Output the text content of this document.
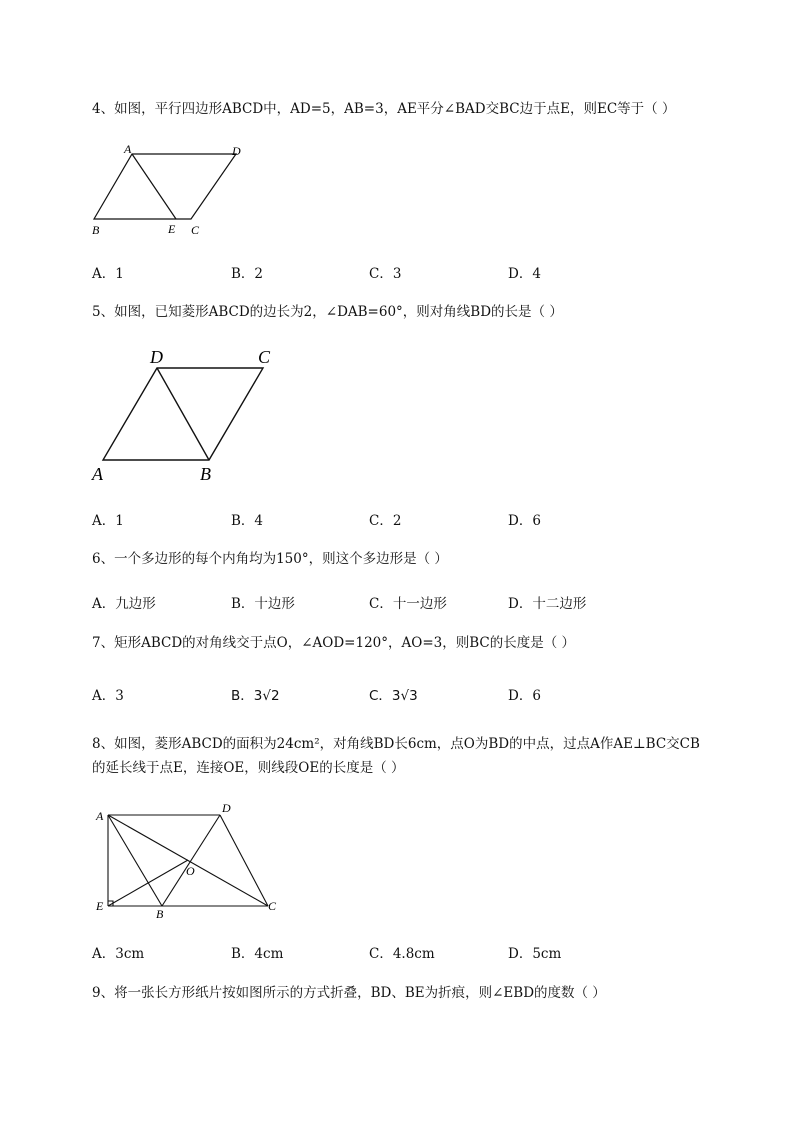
4、如图，平行四边形ABCD中，AD=5，AB=3，AE平分∠BAD交BC边于点E，则EC等于（ ）
A	D
B	E C
A．1	B．2	C．3	D．4
5、如图，已知菱形ABCD的边长为2，∠DAB=60°，则对角线BD的长是（ ）
D	C
A	B
A．1	B．4	C．2	D．6
6、一个多边形的每个内角均为150°，则这个多边形是（ ）
A．九边形	B．十边形	C．十一边形	D．十二边形
7、矩形ABCD的对角线交于点O，∠AOD=120°，AO=3，则BC的长度是（ ）
A．3	B．3√2	C．3√3	D．6
8、如图，菱形ABCD的面积为24cm²，对角线BD长6cm，点O为BD的中点，过点A作AE⊥BC交CB
的延长线于点E，连接OE，则线段OE的长度是（ ）
A
D
O
E
B
C
A．3cm	B．4cm	C．4.8cm	D．5cm
9、将一张长方形纸片按如图所示的方式折叠，BD、BE为折痕，则∠EBD的度数（ ）
